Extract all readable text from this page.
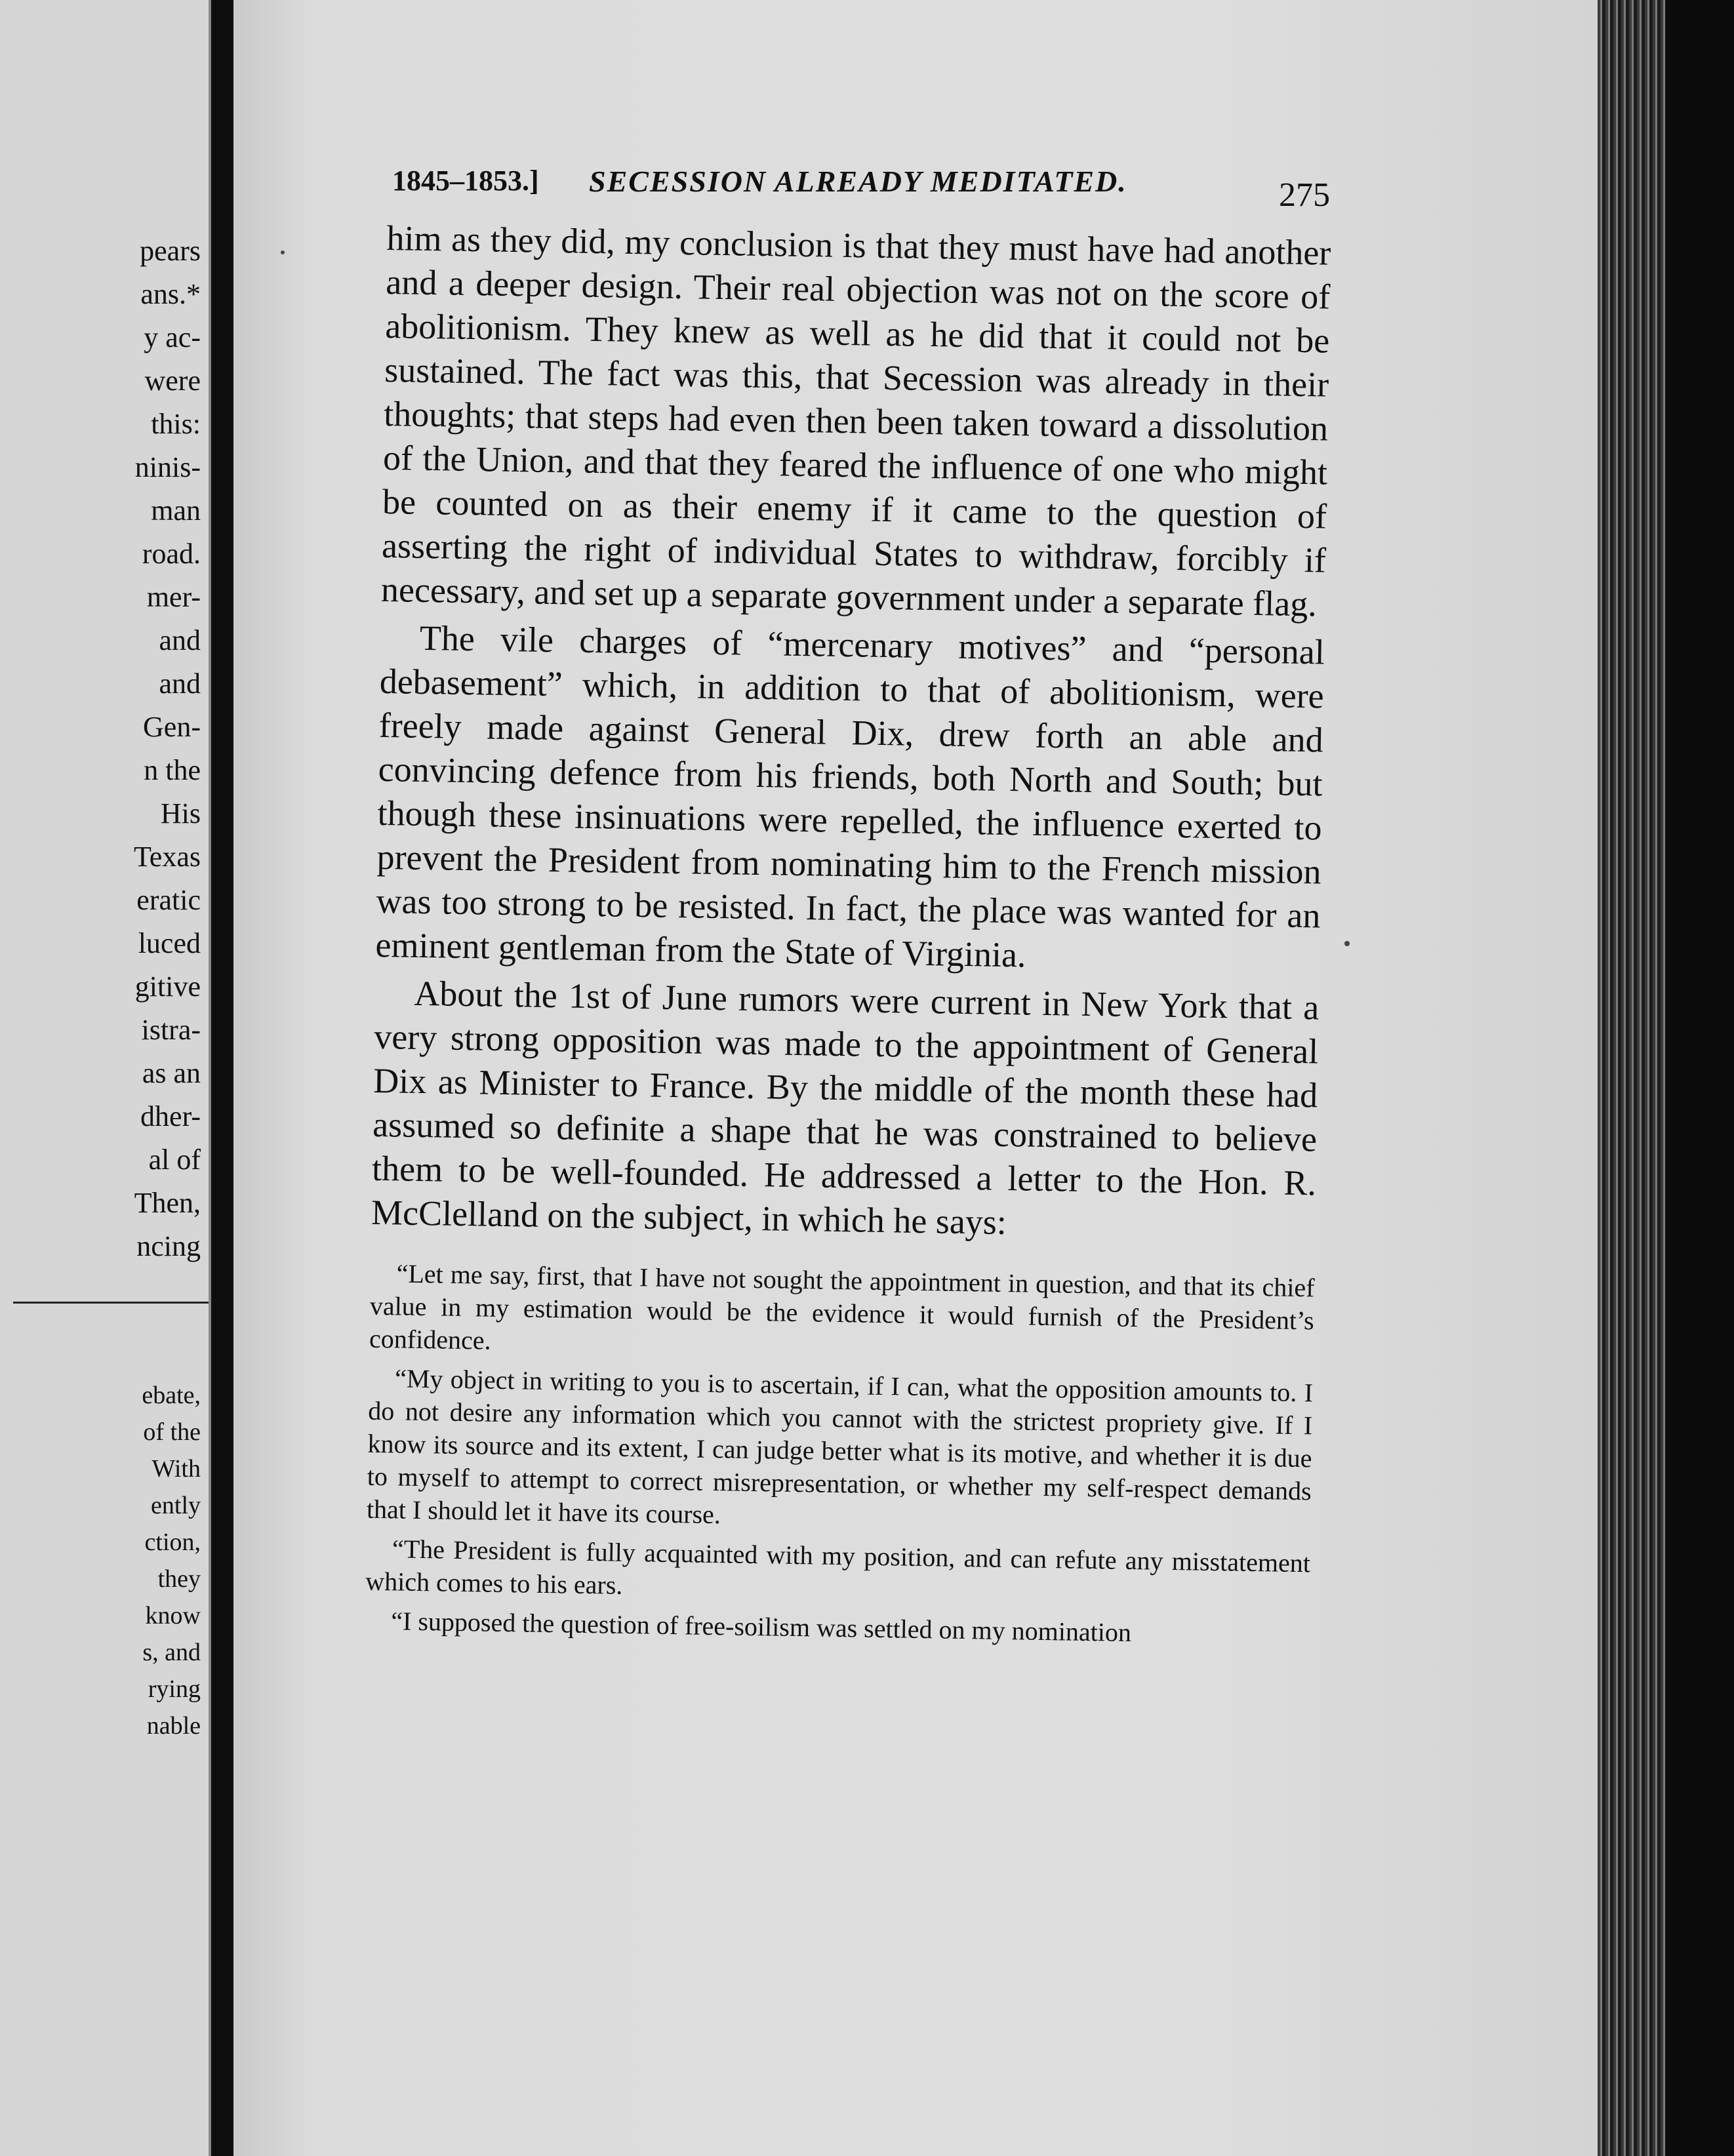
pears
ans.*
y ac-
were
this:
ninis-
man
road.
mer-
and
and
Gen-
n the
His
Texas
eratic
luced
gitive
istra-
as an
dher-
al of
Then,
ncing
ebate,
of the
With
ently
ction,
they
know
s, and
rying
nable
1845–1853.] SECESSION ALREADY MEDITATED.	275

him as they did, my conclusion is that they must have had another and a deeper design. Their real objection was not on the score of abolitionism. They knew as well as he did that it could not be sustained. The fact was this, that Secession was already in their thoughts; that steps had even then been taken toward a dissolution of the Union, and that they feared the influence of one who might be counted on as their enemy if it came to the question of asserting the right of individual States to withdraw, forcibly if necessary, and set up a separate government under a separate flag.

The vile charges of “mercenary motives” and “personal debasement” which, in addition to that of abolitionism, were freely made against General Dix, drew forth an able and convincing defence from his friends, both North and South; but though these insinuations were repelled, the influence exerted to prevent the President from nominating him to the French mission was too strong to be resisted. In fact, the place was wanted for an eminent gentleman from the State of Virginia.

About the 1st of June rumors were current in New York that a very strong opposition was made to the appointment of General Dix as Minister to France. By the middle of the month these had assumed so definite a shape that he was constrained to believe them to be well-founded. He addressed a letter to the Hon. R. McClelland on the subject, in which he says:

“Let me say, first, that I have not sought the appointment in question, and that its chief value in my estimation would be the evidence it would furnish of the President’s confidence.

“My object in writing to you is to ascertain, if I can, what the opposition amounts to. I do not desire any information which you cannot with the strictest propriety give. If I know its source and its extent, I can judge better what is its motive, and whether it is due to myself to attempt to correct misrepresentation, or whether my self-respect demands that I should let it have its course.

“The President is fully acquainted with my position, and can refute any misstatement which comes to his ears.

“I supposed the question of free-soilism was settled on my nomination
